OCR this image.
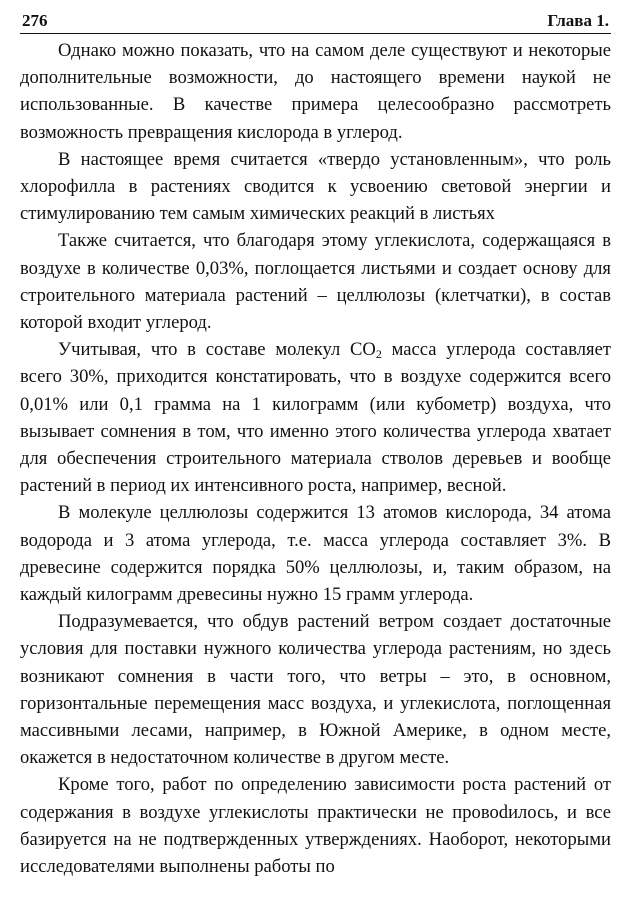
276	Глава 1.

Однако можно показать, что на самом деле существуют и некоторые дополнительные возможности, до настоящего времени наукой не использованные. В качестве примера целесообразно рассмотреть возможность превращения кислорода в углерод.

В настоящее время считается «твердо установленным», что роль хлорофилла в растениях сводится к усвоению световой энергии и стимулированию тем самым химических реакций в листьях

Также считается, что благодаря этому углекислота, содержащаяся в воздухе в количестве 0,03%, поглощается листьями и создает основу для строительного материала растений – целлюлозы (клетчатки), в состав которой входит углерод.

Учитывая, что в составе молекул $CO_2$ масса углерода составляет всего 30%, приходится констатировать, что в воздухе содержится всего 0,01% или 0,1 грамма на 1 килограмм (или кубометр) воздуха, что вызывает сомнения в том, что именно этого количества углерода хватает для обеспечения строительного материала стволов деревьев и вообще растений в период их интенсивного роста, например, весной.

В молекуле целлюлозы содержится 13 атомов кислорода, 34 атома водорода и 3 атома углерода, т.е. масса углерода составляет 3%. В древесине содержится порядка 50% целлюлозы, и, таким образом, на каждый килограмм древесины нужно 15 грамм углерода.

Подразумевается, что обдув растений ветром создает достаточные условия для поставки нужного количества углерода растениям, но здесь возникают сомнения в части того, что ветры – это, в основном, горизонтальные перемещения масс воздуха, и углекислота, поглощенная массивными лесами, например, в Южной Америке, в одном месте, окажется в недостаточном количестве в другом месте.

Кроме того, работ по определению зависимости роста растений от содержания в воздухе углекислоты практически не провоdилось, и все базируется на не подтвержденных утверждениях. Наоборот, некоторыми исследователями выполнены работы по
